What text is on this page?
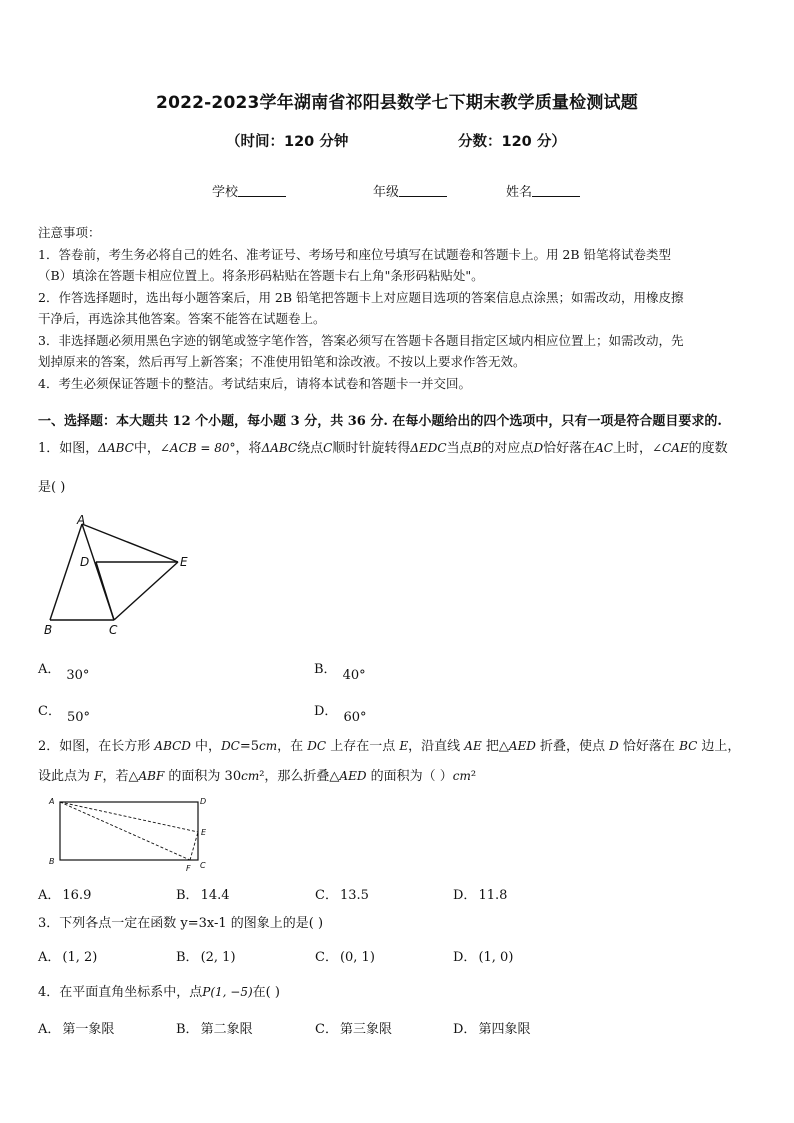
2022-2023学年湖南省祁阳县数学七下期末教学质量检测试题
（时间：120 分钟	分数：120 分）
学校	年级	姓名

注意事项：

1．答卷前，考生务必将自己的姓名、准考证号、考场号和座位号填写在试题卷和答题卡上。用 2B 铅笔将试卷类型

（B）填涂在答题卡相应位置上。将条形码粘贴在答题卡右上角"条形码粘贴处"。

2．作答选择题时，选出每小题答案后，用 2B 铅笔把答题卡上对应题目选项的答案信息点涂黑；如需改动，用橡皮擦

干净后，再选涂其他答案。答案不能答在试题卷上。

3．非选择题必须用黑色字迹的钢笔或签字笔作答，答案必须写在答题卡各题目指定区域内相应位置上；如需改动，先

划掉原来的答案，然后再写上新答案；不准使用铅笔和涂改液。不按以上要求作答无效。

4．考生必须保证答题卡的整洁。考试结束后，请将本试卷和答题卡一并交回。

一、选择题：本大题共 12 个小题，每小题 3 分，共 36 分. 在每小题给出的四个选项中，只有一项是符合题目要求的.
1．如图，ΔABC中，∠ACB = 80°，将ΔABC绕点C顺时针旋转得ΔEDC当点B的对应点D恰好落在AC上时，∠CAE的度数
是( )
A
B	C
D	E
A． 30°	B． 40°
C． 50°	D． 60°
2．如图，在长方形 ABCD 中，DC=5cm，在 DC 上存在一点 E，沿直线 AE 把△AED 折叠，使点 D 恰好落在 BC 边上，
设此点为 F，若△ABF 的面积为 30cm²，那么折叠△AED 的面积为（ ）cm²
A	D
E
B	C
F
A． 16.9	B． 14.4	C． 13.5	D． 11.8
3．下列各点一定在函数 y=3x-1 的图象上的是( )
A． (1, 2)	B． (2, 1)	C． (0, 1)	D． (1, 0)
4．在平面直角坐标系中，点P(1, −5)在( )
A． 第一象限	B． 第二象限	C． 第三象限	D． 第四象限
